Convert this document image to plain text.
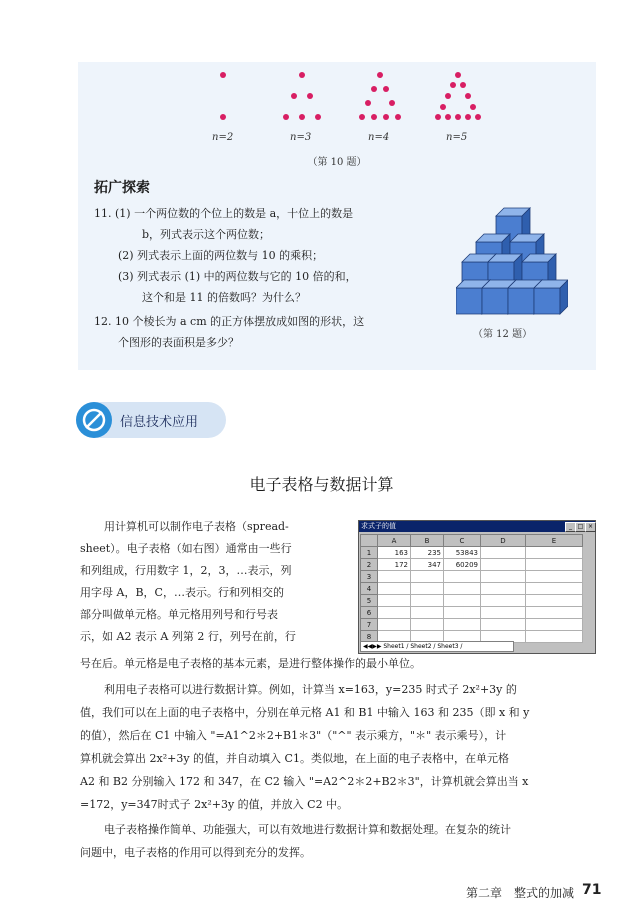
n=2	n=3	n=4	n=5
（第 10 题）
拓广探索
11. (1) 一个两位数的个位上的数是 a，十位上的数是
b，列式表示这个两位数；
(2) 列式表示上面的两位数与 10 的乘积；
(3) 列式表示 (1) 中的两位数与它的 10 倍的和，
这个和是 11 的倍数吗？为什么？
12. 10 个棱长为 a cm 的正方体摆放成如图的形状，这
个图形的表面积是多少？
（第 12 题）
信息技术应用
电子表格与数据计算
用计算机可以制作电子表格（spread-
sheet）。电子表格（如右图）通常由一些行
和列组成，行用数字 1，2，3，…表示，列
用字母 A，B，C，…表示。行和列相交的
部分叫做单元格。单元格用列号和行号表
示，如 A2 表示 A 列第 2 行，列号在前，行
求式子的值	_ □ ×
	A	B	C	D	E
1	163	235	53843		
2	172	347	60209		
3					
4					
5					
6					
7					
8					
◀◀▶▶ Sheet1 / Sheet2 / Sheet3 /
号在后。单元格是电子表格的基本元素，是进行整体操作的最小单位。
利用电子表格可以进行数据计算。例如，计算当 x=163，y=235 时式子 2x²+3y 的
值，我们可以在上面的电子表格中，分别在单元格 A1 和 B1 中输入 163 和 235（即 x 和 y
的值），然后在 C1 中输入 "=A1^2＊2+B1＊3"（"^" 表示乘方，"＊" 表示乘号），计
算机就会算出 2x²+3y 的值，并自动填入 C1。类似地，在上面的电子表格中，在单元格
A2 和 B2 分别输入 172 和 347，在 C2 输入 "=A2^2＊2+B2＊3"，计算机就会算出当 x
=172，y=347时式子 2x²+3y 的值，并放入 C2 中。
电子表格操作简单、功能强大，可以有效地进行数据计算和数据处理。在复杂的统计
问题中，电子表格的作用可以得到充分的发挥。
第二章　整式的加减 71
